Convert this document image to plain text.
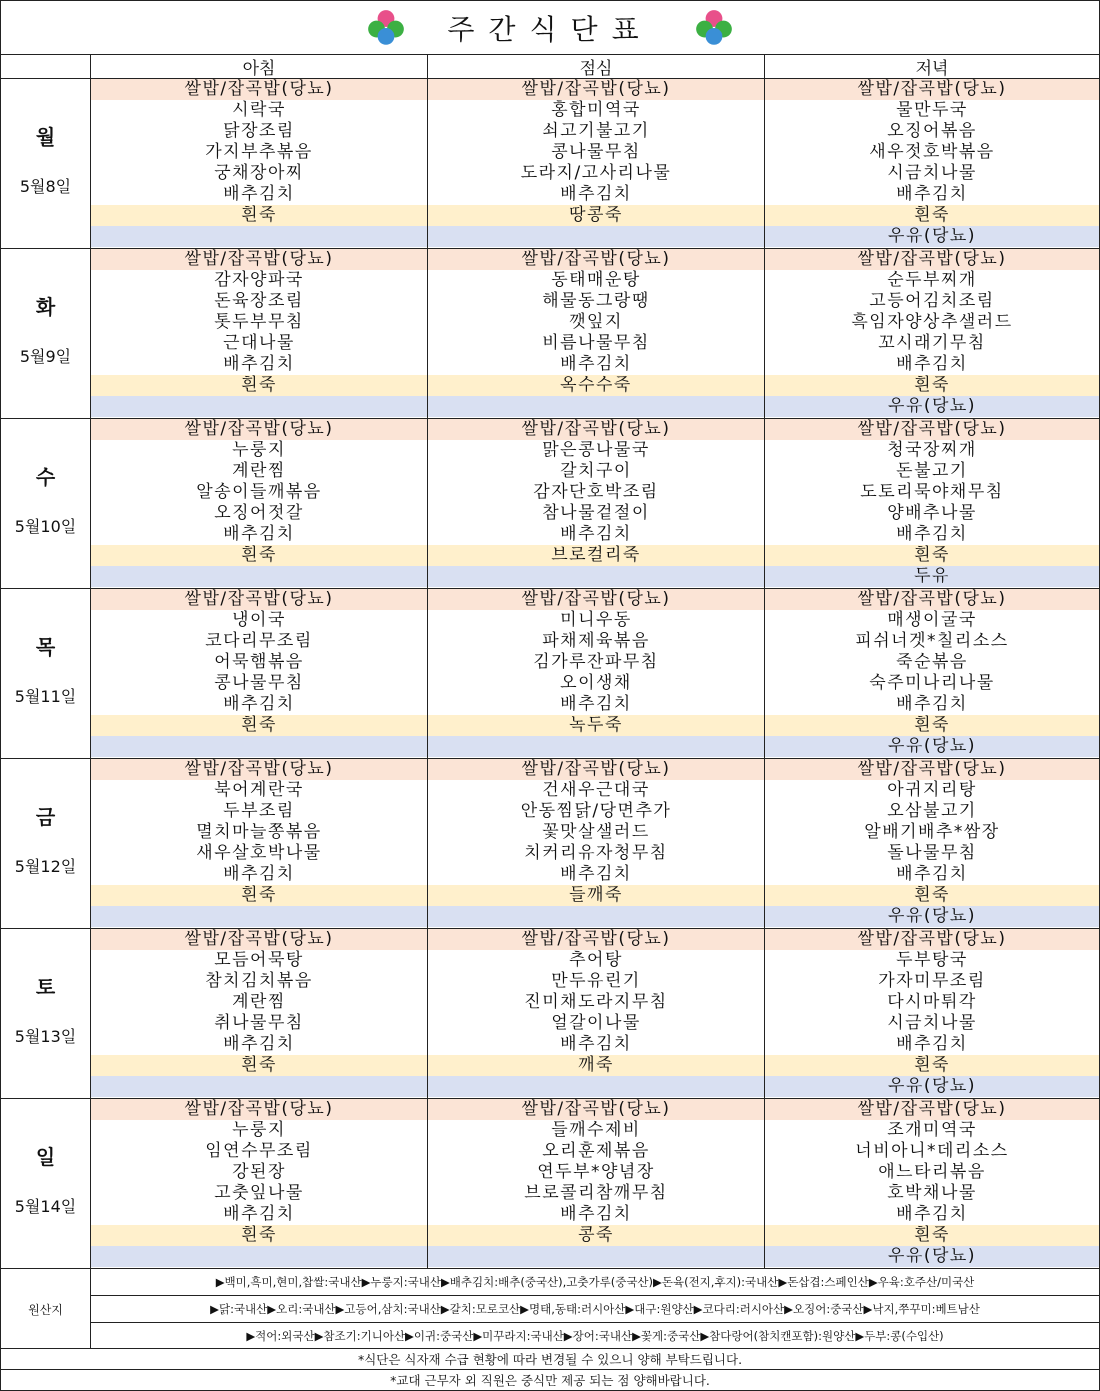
주간식단표
아침	점심	저녁
월
5월8일
쌀밥/잡곡밥(당뇨)
시락국
닭장조림
가지부추볶음
궁채장아찌
배추김치
흰죽
쌀밥/잡곡밥(당뇨)
홍합미역국
쇠고기불고기
콩나물무침
도라지/고사리나물
배추김치
땅콩죽
쌀밥/잡곡밥(당뇨)
물만두국
오징어볶음
새우젓호박볶음
시금치나물
배추김치
흰죽
우유(당뇨)
화
5월9일
쌀밥/잡곡밥(당뇨)
감자양파국
돈육장조림
톳두부무침
근대나물
배추김치
흰죽
쌀밥/잡곡밥(당뇨)
동태매운탕
해물동그랑땡
깻잎지
비름나물무침
배추김치
옥수수죽
쌀밥/잡곡밥(당뇨)
순두부찌개
고등어김치조림
흑임자양상추샐러드
꼬시래기무침
배추김치
흰죽
우유(당뇨)
수
5월10일
쌀밥/잡곡밥(당뇨)
누룽지
계란찜
알송이들깨볶음
오징어젓갈
배추김치
흰죽
쌀밥/잡곡밥(당뇨)
맑은콩나물국
갈치구이
감자단호박조림
참나물겉절이
배추김치
브로컬리죽
쌀밥/잡곡밥(당뇨)
청국장찌개
돈불고기
도토리묵야채무침
양배추나물
배추김치
흰죽
두유
목
5월11일
쌀밥/잡곡밥(당뇨)
냉이국
코다리무조림
어묵햄볶음
콩나물무침
배추김치
흰죽
쌀밥/잡곡밥(당뇨)
미니우동
파채제육볶음
김가루잔파무침
오이생채
배추김치
녹두죽
쌀밥/잡곡밥(당뇨)
매생이굴국
피쉬너겟*칠리소스
죽순볶음
숙주미나리나물
배추김치
흰죽
우유(당뇨)
금
5월12일
쌀밥/잡곡밥(당뇨)
북어계란국
두부조림
멸치마늘쫑볶음
새우살호박나물
배추김치
흰죽
쌀밥/잡곡밥(당뇨)
건새우근대국
안동찜닭/당면추가
꽃맛살샐러드
치커리유자청무침
배추김치
들깨죽
쌀밥/잡곡밥(당뇨)
아귀지리탕
오삼불고기
알배기배추*쌈장
돌나물무침
배추김치
흰죽
우유(당뇨)
토
5월13일
쌀밥/잡곡밥(당뇨)
모듬어묵탕
참치김치볶음
계란찜
취나물무침
배추김치
흰죽
쌀밥/잡곡밥(당뇨)
추어탕
만두유린기
진미채도라지무침
얼갈이나물
배추김치
깨죽
쌀밥/잡곡밥(당뇨)
두부탕국
가자미무조림
다시마튀각
시금치나물
배추김치
흰죽
우유(당뇨)
일
5월14일
쌀밥/잡곡밥(당뇨)
누룽지
임연수무조림
강된장
고춧잎나물
배추김치
흰죽
쌀밥/잡곡밥(당뇨)
들깨수제비
오리훈제볶음
연두부*양념장
브로콜리참깨무침
배추김치
콩죽
쌀밥/잡곡밥(당뇨)
조개미역국
너비아니*데리소스
애느타리볶음
호박채나물
배추김치
흰죽
우유(당뇨)
원산지
▶백미,흑미,현미,찹쌀:국내산▶누룽지:국내산▶배추김치:배추(중국산),고춧가루(중국산)▶돈육(전지,후지):국내산▶돈삽겹:스페인산▶우육:호주산/미국산
▶닭:국내산▶오리:국내산▶고등어,삼치:국내산▶갈치:모로코산▶명태,동태:러시아산▶대구:원양산▶코다리:러시아산▶오징어:중국산▶낙지,쭈꾸미:베트남산
▶적어:외국산▶참조기:기니아산▶이귀:중국산▶미꾸라지:국내산▶장어:국내산▶꽃게:중국산▶참다랑어(참치캔포함):원양산▶두부:콩(수입산)
*식단은 식자재 수급 현황에 따라 변경될 수 있으니 양해 부탁드립니다.
*교대 근무자 외 직원은 중식만 제공 되는 점 양해바랍니다.
